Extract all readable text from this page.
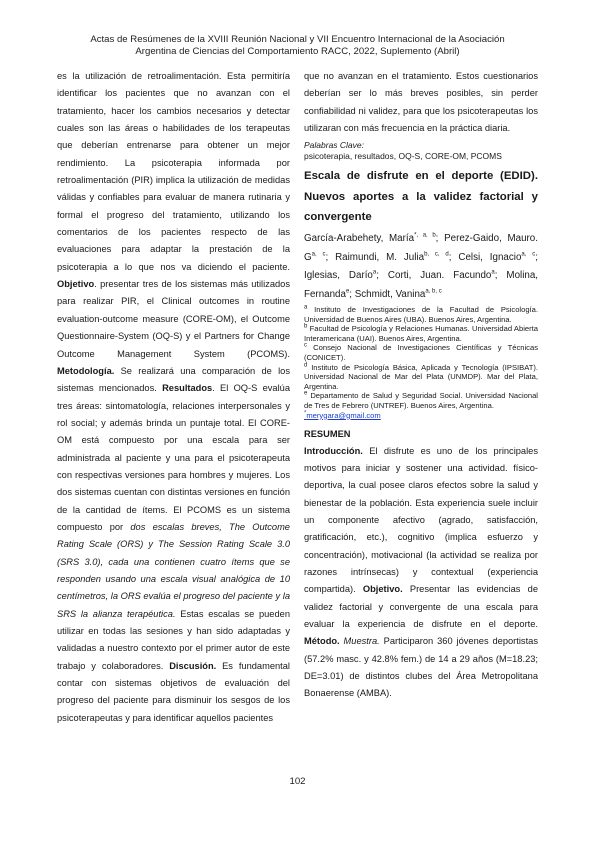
Actas de Resúmenes de la XVIII Reunión Nacional y VII Encuentro Internacional de la Asociación
Argentina de Ciencias del Comportamiento RACC, 2022, Suplemento (Abril)

es la utilización de retroalimentación. Esta permitiría identificar los pacientes que no avanzan con el tratamiento, hacer los cambios necesarios y detectar cuales son las áreas o habilidades de los terapeutas que deberían entrenarse para obtener un mejor rendimiento. La psicoterapia informada por retroalimentación (PIR) implica la utilización de medidas válidas y confiables para evaluar de manera rutinaria y formal el progreso del tratamiento, utilizando los comentarios de los pacientes respecto de las evaluaciones para adaptar la prestación de la psicoterapia a lo que nos va diciendo el paciente. Objetivo. presentar tres de los sistemas más utilizados para realizar PIR, el Clinical outcomes in routine evaluation-outcome measure (CORE-OM), el Outcome Questionnaire-System (OQ-S) y el Partners for Change Outcome Management System (PCOMS). Metodología. Se realizará una comparación de los sistemas mencionados. Resultados. El OQ-S evalúa tres áreas: sintomatología, relaciones interpersonales y rol social; y además brinda un puntaje total. El CORE-OM está compuesto por una escala para ser administrada al paciente y una para el psicoterapeuta con respectivas versiones para hombres y mujeres. Los dos sistemas cuentan con distintas versiones en función de la cantidad de ítems. El PCOMS es un sistema compuesto por dos escalas breves, The Outcome Rating Scale (ORS) y The Session Rating Scale 3.0 (SRS 3.0), cada una contienen cuatro ítems que se responden usando una escala visual analógica de 10 centímetros, la ORS evalúa el progreso del paciente y la SRS la alianza terapéutica. Estas escalas se pueden utilizar en todas las sesiones y han sido adaptadas y validadas a nuestro contexto por el primer autor de este trabajo y colaboradores. Discusión. Es fundamental contar con sistemas objetivos de evaluación del progreso del paciente para disminuir los sesgos de los psicoterapeutas y para identificar aquellos pacientes

que no avanzan en el tratamiento. Estos cuestionarios deberían ser lo más breves posibles, sin perder confiabilidad ni validez, para que los psicoterapeutas los utilizaran con más frecuencia en la práctica diaria.

Palabras Clave:
psicoterapia, resultados, OQ-S, CORE-OM, PCOMS
Escala de disfrute en el deporte (EDID). Nuevos aportes a la validez factorial y convergente

García-Arabehety, María$^{*, a, b}$; Perez-Gaido, Mauro. G$^{a, c}$; Raimundi, M. Julia$^{b, c, d}$; Celsi, Ignacio$^{a, c}$; Iglesias, Darío$^a$; Corti, Juan. Facundo$^a$; Molina, Fernanda$^e$; Schmidt, Vanina$^{a, b, c}$

$^a$ Instituto de Investigaciones de la Facultad de Psicología. Universidad de Buenos Aires (UBA). Buenos Aires, Argentina.

$^b$ Facultad de Psicología y Relaciones Humanas. Universidad Abierta Interamericana (UAI). Buenos Aires, Argentina.

$^c$ Consejo Nacional de Investigaciones Científicas y Técnicas (CONICET).

$^d$ Instituto de Psicología Básica, Aplicada y Tecnología (IPSIBAT). Universidad Nacional de Mar del Plata (UNMDP). Mar del Plata, Argentina.

$^e$ Departamento de Salud y Seguridad Social. Universidad Nacional de Tres de Febrero (UNTREF). Buenos Aires, Argentina.

*merygara@gmail.com
RESUMEN

Introducción. El disfrute es uno de los principales motivos para iniciar y sostener una actividad. físico-deportiva, la cual posee claros efectos sobre la salud y bienestar de la población. Esta experiencia suele incluir un componente afectivo (agrado, satisfacción, gratificación, etc.), cognitivo (implica esfuerzo y concentración), motivacional (la actividad se realiza por razones intrínsecas) y contextual (experiencia compartida). Objetivo. Presentar las evidencias de validez factorial y convergente de una escala para evaluar la experiencia de disfrute en el deporte. Método. Muestra. Participaron 360 jóvenes deportistas (57.2% masc. y 42.8% fem.) de 14 a 29 años (M=18.23; DE=3.01) de distintos clubes del Área Metropolitana Bonaerense (AMBA).

102
